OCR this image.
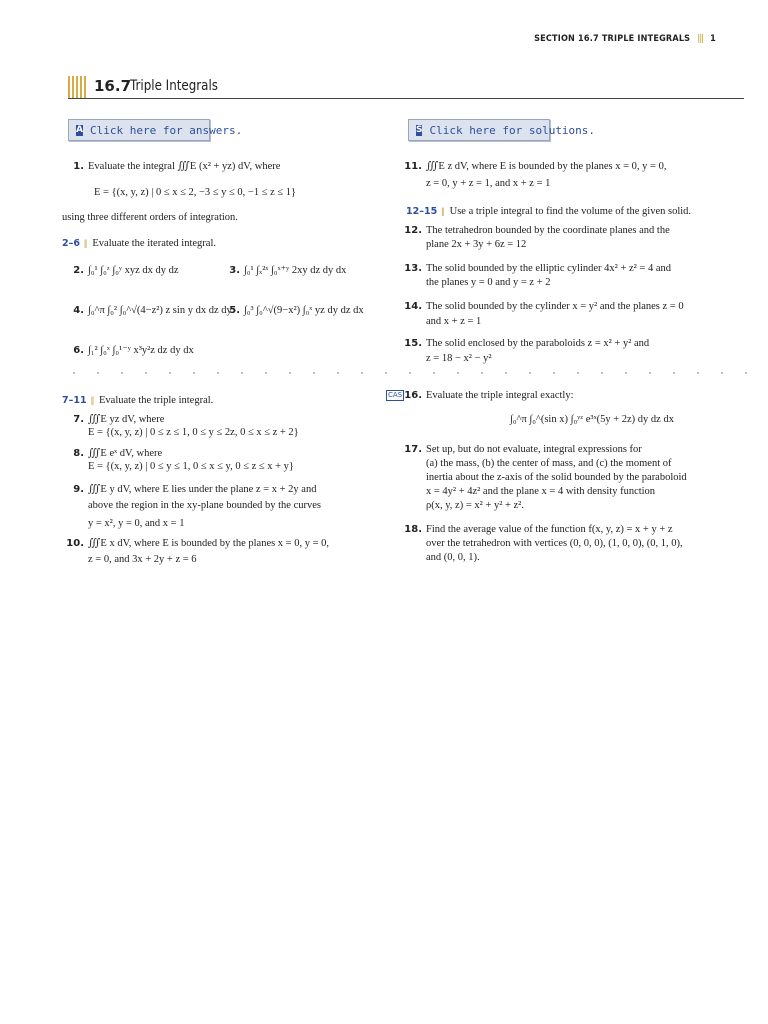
SECTION 16.7 TRIPLE INTEGRALS ||| 1
16.7
Triple Integrals
A Click here for answers.	S Click here for solutions.
1. Evaluate the integral ∭E (x² + yz) dV, where
E = {(x, y, z) | 0 ≤ x ≤ 2, −3 ≤ y ≤ 0, −1 ≤ z ≤ 1}
using three different orders of integration.
2–6 ||| Evaluate the iterated integral.
2. ∫₀¹ ∫₀ᶻ ∫₀ʸ xyz dx dy dz	3. ∫₀¹ ∫ₓ²ˣ ∫₀ˣ⁺ʸ 2xy dz dy dx
4. ∫₀^π ∫₀² ∫₀^√(4−z²) z sin y dx dz dy
5. ∫₀³ ∫₀^√(9−x²) ∫₀ˣ yz dy dz dx
6. ∫₁² ∫₀ˣ ∫₀¹⁻ʸ x³y²z dz dy dx
7–11 ||| Evaluate the triple integral.
7. ∭E yz dV, where
E = {(x, y, z) | 0 ≤ z ≤ 1, 0 ≤ y ≤ 2z, 0 ≤ x ≤ z + 2}
8. ∭E eˣ dV, where
E = {(x, y, z) | 0 ≤ y ≤ 1, 0 ≤ x ≤ y, 0 ≤ z ≤ x + y}
9. ∭E y dV, where E lies under the plane z = x + 2y and
above the region in the xy-plane bounded by the curves
y = x², y = 0, and x = 1
10. ∭E x dV, where E is bounded by the planes x = 0, y = 0,
z = 0, and 3x + 2y + z = 6
11. ∭E z dV, where E is bounded by the planes x = 0, y = 0,
z = 0, y + z = 1, and x + z = 1
12–15 ||| Use a triple integral to find the volume of the given solid.
12. The tetrahedron bounded by the coordinate planes and the
plane 2x + 3y + 6z = 12
13. The solid bounded by the elliptic cylinder 4x² + z² = 4 and
the planes y = 0 and y = z + 2
14. The solid bounded by the cylinder x = y² and the planes z = 0
and x + z = 1
15. The solid enclosed by the paraboloids z = x² + y² and
z = 18 − x² − y²
CAS 16. Evaluate the triple integral exactly:
∫₀^π ∫₀^(sin x) ∫₀ʸᶻ e³ˣ(5y + 2z) dy dz dx
17. Set up, but do not evaluate, integral expressions for
(a) the mass, (b) the center of mass, and (c) the moment of
inertia about the z-axis of the solid bounded by the paraboloid
x = 4y² + 4z² and the plane x = 4 with density function
ρ(x, y, z) = x² + y² + z².
18. Find the average value of the function f(x, y, z) = x + y + z
over the tetrahedron with vertices (0, 0, 0), (1, 0, 0), (0, 1, 0),
and (0, 0, 1).
